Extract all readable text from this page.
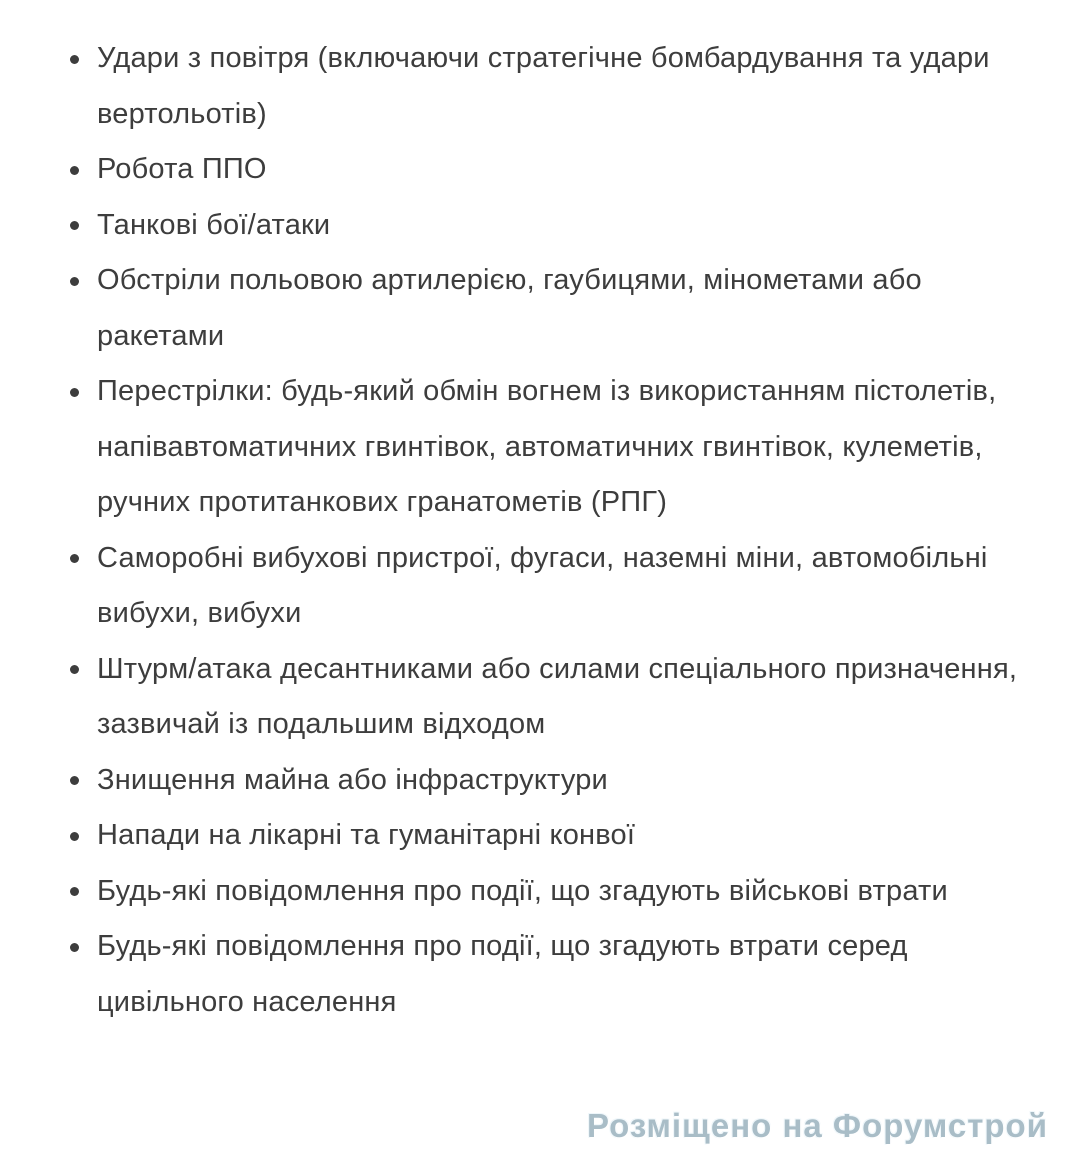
Удари з повітря (включаючи стратегічне бомбардування та удари вертольотів)
Робота ППО
Танкові бої/атаки
Обстріли польовою артилерією, гаубицями, мінометами або ракетами
Перестрілки: будь-який обмін вогнем із використанням пістолетів, напівавтоматичних гвинтівок, автоматичних гвинтівок, кулеметів, ручних протитанкових гранатометів (РПГ)
Саморобні вибухові пристрої, фугаси, наземні міни, автомобільні вибухи, вибухи
Штурм/атака десантниками або силами спеціального призначення, зазвичай із подальшим відходом
Знищення майна або інфраструктури
Напади на лікарні та гуманітарні конвої
Будь-які повідомлення про події, що згадують військові втрати
Будь-які повідомлення про події, що згадують втрати серед цивільного населення
Розміщено на Форумстрой
